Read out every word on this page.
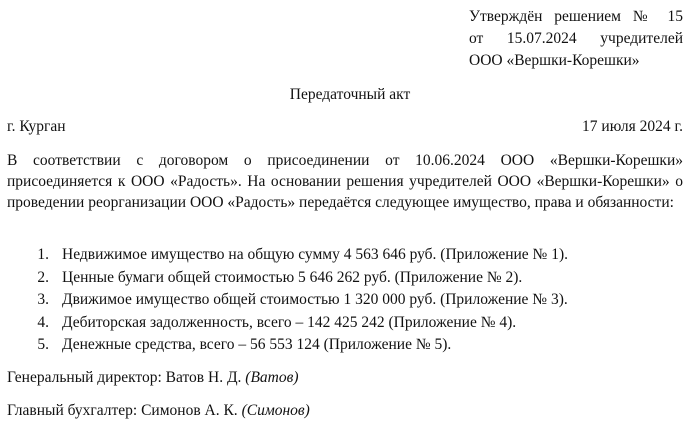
Утверждён решением № 15
от 15.07.2024 учредителей
ООО «Вершки-Корешки»
Передаточный акт
г. Курган	17 июля 2024 г.

В соответствии с договором о присоединении от 10.06.2024 ООО «Вершки-Корешки» присоединяется к ООО «Радость». На основании решения учредителей ООО «Вершки-Корешки» о проведении реорганизации ООО «Радость» передаётся следующее имущество, права и обязанности:

1. Недвижимое имущество на общую сумму 4 563 646 руб. (Приложение № 1).
2. Ценные бумаги общей стоимостью 5 646 262 руб. (Приложение № 2).
3. Движимое имущество общей стоимостью 1 320 000 руб. (Приложение № 3).
4. Дебиторская задолженность, всего – 142 425 242 (Приложение № 4).
5. Денежные средства, всего – 56 553 124 (Приложение № 5).
Генеральный директор: Ватов Н. Д. (Ватов)
Главный бухгалтер: Симонов А. К. (Симонов)
